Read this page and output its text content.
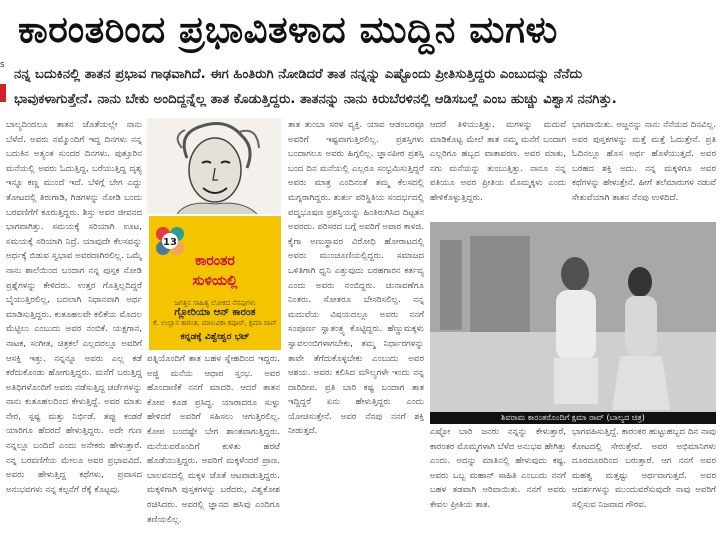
ಕಾರಂತರಿಂದ ಪ್ರಭಾವಿತಳಾದ ಮುದ್ದಿನ ಮಗಳು
s

ನನ್ನ ಬದುಕಿನಲ್ಲಿ ತಾತನ ಪ್ರಭಾವ ಗಾಢವಾಗಿದೆ. ಈಗ ಹಿಂತಿರುಗಿ ನೋಡಿದರೆ ತಾತ ನನ್ನನ್ನು ಎಷ್ಟೊಂದು ಪ್ರೀತಿಸುತ್ತಿದ್ದರು ಎಂಬುದನ್ನು ನೆನೆದು

ಭಾವುಕಳಾಗುತ್ತೇನೆ. ನಾನು ಬೇಕು ಅಂದಿದ್ದನ್ನೆಲ್ಲ ತಾತ ಕೊಡುತ್ತಿದ್ದರು. ತಾತನನ್ನು ನಾನು ಕಿರುಬೆರಳಿನಲ್ಲಿ ಆಡಿಸಬಲ್ಲೆ ಎಂಬ ಹುಚ್ಚು ವಿಶ್ವಾಸ ನನಗಿತ್ತು.

ಬಾಲ್ಯದಿಂದಲೂ ತಾತನ ಜೊತೆಯಲ್ಲೇ ನಾನು ಬೆಳೆದೆ. ಅವರು ನಮ್ಮೊಂದಿಗೆ ಇದ್ದ ದಿನಗಳು ನನ್ನ ಬದುಕಿನ ಅತ್ಯಂತ ಸುಂದರ ದಿನಗಳು. ಪುತ್ತೂರಿನ ಮನೆಯಲ್ಲಿ ಅವರು ಓದುತ್ತಿದ್ದ, ಬರೆಯುತ್ತಿದ್ದ ದೃಶ್ಯ ಇನ್ನೂ ಕಣ್ಣ ಮುಂದೆ ಇದೆ. ಬೆಳಿಗ್ಗೆ ಬೇಗ ಎದ್ದು ತೋಟದಲ್ಲಿ ತಿರುಗಾಡಿ, ಗಿಡಗಳನ್ನು ನೋಡಿ ಬಂದು ಬರವಣಿಗೆಗೆ ಕೂರುತ್ತಿದ್ದರು. ಶಿಸ್ತು ಅವರ ಜೀವನದ ಭಾಗವಾಗಿತ್ತು. ಸಮಯಕ್ಕೆ ಸರಿಯಾಗಿ ಊಟ, ಸಮಯಕ್ಕೆ ಸರಿಯಾಗಿ ನಿದ್ರೆ. ಯಾವುದೇ ಕೆಲಸವನ್ನು ಅರ್ಧಕ್ಕೆ ಬಿಡುವ ಸ್ವಭಾವ ಅವರದಾಗಿರಲಿಲ್ಲ. ಒಮ್ಮೆ ನಾನು ಶಾಲೆಯಿಂದ ಬಂದಾಗ ನನ್ನ ಪುಸ್ತಕ ನೋಡಿ ಪ್ರಶ್ನೆಗಳನ್ನು ಕೇಳಿದರು. ಉತ್ತರ ಗೊತ್ತಿಲ್ಲದಿದ್ದರೆ ಬೈಯುತ್ತಿರಲಿಲ್ಲ, ಬದಲಾಗಿ ನಿಧಾನವಾಗಿ ಅರ್ಥ ಮಾಡಿಸುತ್ತಿದ್ದರು. ಕುತೂಹಲವೇ ಕಲಿಕೆಯ ಮೊದಲ ಮೆಟ್ಟಿಲು ಎಂಬುದು ಅವರ ನಂಬಿಕೆ. ಯಕ್ಷಗಾನ, ನಾಟಕ, ಸಂಗೀತ, ಚಿತ್ರಕಲೆ ಎಲ್ಲದರಲ್ಲೂ ಅವರಿಗೆ ಆಸಕ್ತಿ ಇತ್ತು. ನನ್ನನ್ನೂ ಅವರು ಎಲ್ಲ ಕಡೆ ಕರೆದುಕೊಂಡು ಹೋಗುತ್ತಿದ್ದರು. ಮನೆಗೆ ಬರುತ್ತಿದ್ದ ಅತಿಥಿಗಳೊಂದಿಗೆ ಅವರು ನಡೆಸುತ್ತಿದ್ದ ಚರ್ಚೆಗಳನ್ನು ನಾನು ಕುತೂಹಲದಿಂದ ಕೇಳುತ್ತಿದ್ದೆ. ಅವರ ಮಾತು ನೇರ, ಸ್ಪಷ್ಟ ಮತ್ತು ನಿರ್ಭಿಡೆ. ತಪ್ಪು ಕಂಡರೆ ಯಾರಿಗೂ ಹೆದರದೆ ಹೇಳುತ್ತಿದ್ದರು. ಅದೇ ಗುಣ ನನ್ನಲ್ಲೂ ಬಂದಿದೆ ಎಂದು ಅನೇಕರು ಹೇಳುತ್ತಾರೆ. ನನ್ನ ಬರವಣಿಗೆಯ ಮೇಲೂ ಅವರ ಪ್ರಭಾವವಿದೆ. ಅವರು ಹೇಳುತ್ತಿದ್ದ ಕಥೆಗಳು, ಪ್ರವಾಸದ ಅನುಭವಗಳು ನನ್ನ ಕಲ್ಪನೆಗೆ ರೆಕ್ಕೆ ಕೊಟ್ಟವು.

13
ಕಾರಂತರ
ಸುಳಿಯಲ್ಲಿ
ಜಗತ್ತಿನ ಸಾಹಿತ್ಯ ಲೋಕದ ನೆನಪುಗಳು
ಗ್ಲೋರಿಯಾ ಆನ್ ಕಾರಂತ
ಕೆ. ಉಲ್ಲಾಸ ಕಾರಂತ, ಮಾಲವಿಕಾ ಕಪೂರ್, ಕ್ಷಮಾ ರಾವ್
ಕನ್ನಡಕ್ಕೆ ವಿಶ್ವೇಶ್ವರ ಭಟ್

ಪತ್ನಿಯೊಂದಿಗೆ ತಾತ ಬಹಳ ಸ್ನೇಹದಿಂದ ಇದ್ದರು. ಅಜ್ಜಿ ಮನೆಯ ಆಧಾರ ಸ್ತಂಭ. ಅವರ ಹೊಂದಾಣಿಕೆ ನನಗೆ ಮಾದರಿ. ಆದರೆ ತಾತನ ಕೋಪ ಕೂಡ ಪ್ರಸಿದ್ಧ. ಯಾರಾದರೂ ಸುಳ್ಳು ಹೇಳಿದರೆ ಅವರಿಗೆ ಸಹಿಸಲು ಆಗುತ್ತಿರಲಿಲ್ಲ. ಕೋಪ ಬಂದಷ್ಟೇ ಬೇಗ ಶಾಂತವಾಗುತ್ತಿದ್ದರು. ಮನೆಯವರೊಂದಿಗೆ ಕುಳಿತು ಹರಟೆ ಹೊಡೆಯುತ್ತಿದ್ದರು. ಅವರಿಗೆ ಮಕ್ಕಳೆಂದರೆ ಪ್ರಾಣ. ಬಾಲವನದಲ್ಲಿ ಮಕ್ಕಳ ಜೊತೆ ಆಟವಾಡುತ್ತಿದ್ದರು. ಮಕ್ಕಳಿಗಾಗಿ ಪುಸ್ತಕಗಳನ್ನು ಬರೆದರು, ವಿಶ್ವಕೋಶ ರಚಿಸಿದರು. ಅವರಲ್ಲಿ ಜ್ಞಾನದ ಹಸಿವು ಎಂದಿಗೂ ತಣಿಯಲಿಲ್ಲ.

ತಾತ ತುಂಬಾ ಸರಳ ವ್ಯಕ್ತಿ. ಯಾವ ಆಡಂಬರವೂ ಅವರಿಗೆ ಇಷ್ಟವಾಗುತ್ತಿರಲಿಲ್ಲ. ಪ್ರಶಸ್ತಿಗಳು ಬಂದಾಗಲೂ ಅವರು ಹಿಗ್ಗಲಿಲ್ಲ. ಜ್ಞಾನಪೀಠ ಪ್ರಶಸ್ತಿ ಬಂದ ದಿನ ಮನೆಯಲ್ಲಿ ಎಲ್ಲರೂ ಸಂಭ್ರಮಿಸುತ್ತಿದ್ದರೆ ಅವರು ಮಾತ್ರ ಎಂದಿನಂತೆ ತಮ್ಮ ಕೆಲಸದಲ್ಲಿ ಮಗ್ನರಾಗಿದ್ದರು. ತುರ್ತು ಪರಿಸ್ಥಿತಿಯ ಸಂದರ್ಭದಲ್ಲಿ ಪದ್ಮಭೂಷಣ ಪ್ರಶಸ್ತಿಯನ್ನು ಹಿಂತಿರುಗಿಸಿದ ದಿಟ್ಟತನ ಅವರದು. ಪರಿಸರದ ಬಗ್ಗೆ ಅವರಿಗೆ ಅಪಾರ ಕಾಳಜಿ. ಕೈಗಾ ಅಣುಸ್ಥಾವರ ವಿರೋಧಿ ಹೋರಾಟದಲ್ಲಿ ಅವರು ಮುಂಚೂಣಿಯಲ್ಲಿದ್ದರು. ಸಮಾಜದ ಒಳಿತಿಗಾಗಿ ಧ್ವನಿ ಎತ್ತುವುದು ಬರಹಗಾರನ ಕರ್ತವ್ಯ ಎಂದು ಅವರು ನಂಬಿದ್ದರು. ಚುನಾವಣೆಗೂ ನಿಂತರು. ಸೋತರೂ ಬೇಸರಿಸಲಿಲ್ಲ. ನನ್ನ ಮದುವೆಯ ವಿಷಯದಲ್ಲೂ ಅವರು ನನಗೆ ಸಂಪೂರ್ಣ ಸ್ವಾತಂತ್ರ್ಯ ಕೊಟ್ಟಿದ್ದರು. ಹೆಣ್ಣುಮಕ್ಕಳು ಸ್ವಾವಲಂಬಿಗಳಾಗಬೇಕು, ತಮ್ಮ ನಿರ್ಧಾರಗಳನ್ನು ತಾವೇ ತೆಗೆದುಕೊಳ್ಳಬೇಕು ಎಂಬುದು ಅವರ ಆಶಯ. ಅವರು ಕಲಿಸಿದ ಮೌಲ್ಯಗಳೇ ಇಂದು ನನ್ನ ದಾರಿದೀಪ. ಪ್ರತಿ ಬಾರಿ ಕಷ್ಟ ಬಂದಾಗ ತಾತ ಇದ್ದಿದ್ದರೆ ಏನು ಹೇಳುತ್ತಿದ್ದರು ಎಂದು ಯೋಚಿಸುತ್ತೇನೆ. ಅವರ ನೆನಪು ನನಗೆ ಶಕ್ತಿ ನೀಡುತ್ತದೆ.

ಆದರೆ ತಿಳಿಯುತ್ತಿತ್ತು. ಮಗಳನ್ನು ಮದುವೆ ಮಾಡಿಕೊಟ್ಟ ಮೇಲೆ ತಾತ ನಮ್ಮ ಮನೆಗೆ ಬಂದಾಗ ಎಲ್ಲರಿಗೂ ಹಬ್ಬದ ವಾತಾವರಣ. ಅವರ ಮಾತು, ನಗು ಮನೆಯನ್ನು ತುಂಬುತ್ತಿತ್ತು. ನಾನೂ ನನ್ನ ಪತಿಯೂ ಅವರ ಪ್ರೀತಿಯ ಮೊಮ್ಮಕ್ಕಳು ಎಂದು ಹೇಳಿಕೊಳ್ಳುತ್ತಿದ್ದರು.

ಭಾಗವಾಯಿತು. ಅಜ್ಜನನ್ನು ನಾನು ನೆನೆಯದ ದಿನವಿಲ್ಲ. ಅವರ ಪುಸ್ತಕಗಳನ್ನು ಮತ್ತೆ ಮತ್ತೆ ಓದುತ್ತೇನೆ. ಪ್ರತಿ ಓದಿನಲ್ಲೂ ಹೊಸ ಅರ್ಥ ಹೊಳೆಯುತ್ತದೆ. ಅವರ ಬರಹದ ಶಕ್ತಿ ಅದು. ನನ್ನ ಮಕ್ಕಳಿಗೂ ಅವರ ಕಥೆಗಳನ್ನು ಹೇಳುತ್ತೇನೆ. ಹೀಗೆ ತಲೆಮಾರುಗಳ ನಡುವೆ ಸೇತುವೆಯಾಗಿ ತಾತನ ನೆನಪು ಉಳಿದಿದೆ.

ಶಿವರಾಮ ಕಾರಂತರೊಂದಿಗೆ ಕ್ಷಮಾ ರಾವ್ (ಬಾಲ್ಯದ ಚಿತ್ರ)

ಎಷ್ಟೋ ಬಾರಿ ಜನರು ನನ್ನನ್ನು ಕೇಳುತ್ತಾರೆ, ಕಾರಂತರ ಮೊಮ್ಮಗಳಾಗಿ ಬೆಳೆದ ಅನುಭವ ಹೇಗಿತ್ತು ಎಂದು. ಅದನ್ನು ಮಾತಿನಲ್ಲಿ ಹೇಳುವುದು ಕಷ್ಟ. ಅವರು ಒಬ್ಬ ಮಹಾನ್ ಸಾಹಿತಿ ಎಂಬುದು ನನಗೆ ಬಹಳ ತಡವಾಗಿ ಅರಿವಾಯಿತು. ನನಗೆ ಅವರು ಕೇವಲ ಪ್ರೀತಿಯ ತಾತ.

ಭಾಗವಹಿಸುತ್ತಿದ್ದೆ. ಕಾರಂತರ ಹುಟ್ಟುಹಬ್ಬದ ದಿನ ನಾವು ಕೋಟದಲ್ಲಿ ಸೇರುತ್ತೇವೆ. ಅವರ ಅಭಿಮಾನಿಗಳು ದೂರದೂರದಿಂದ ಬರುತ್ತಾರೆ. ಆಗ ನನಗೆ ಅವರ ಮಹತ್ವ ಮತ್ತಷ್ಟು ಅರ್ಥವಾಗುತ್ತದೆ. ಅವರ ಆದರ್ಶಗಳನ್ನು ಮುಂದುವರೆಸುವುದೇ ನಾವು ಅವರಿಗೆ ಸಲ್ಲಿಸುವ ನಿಜವಾದ ಗೌರವ.
